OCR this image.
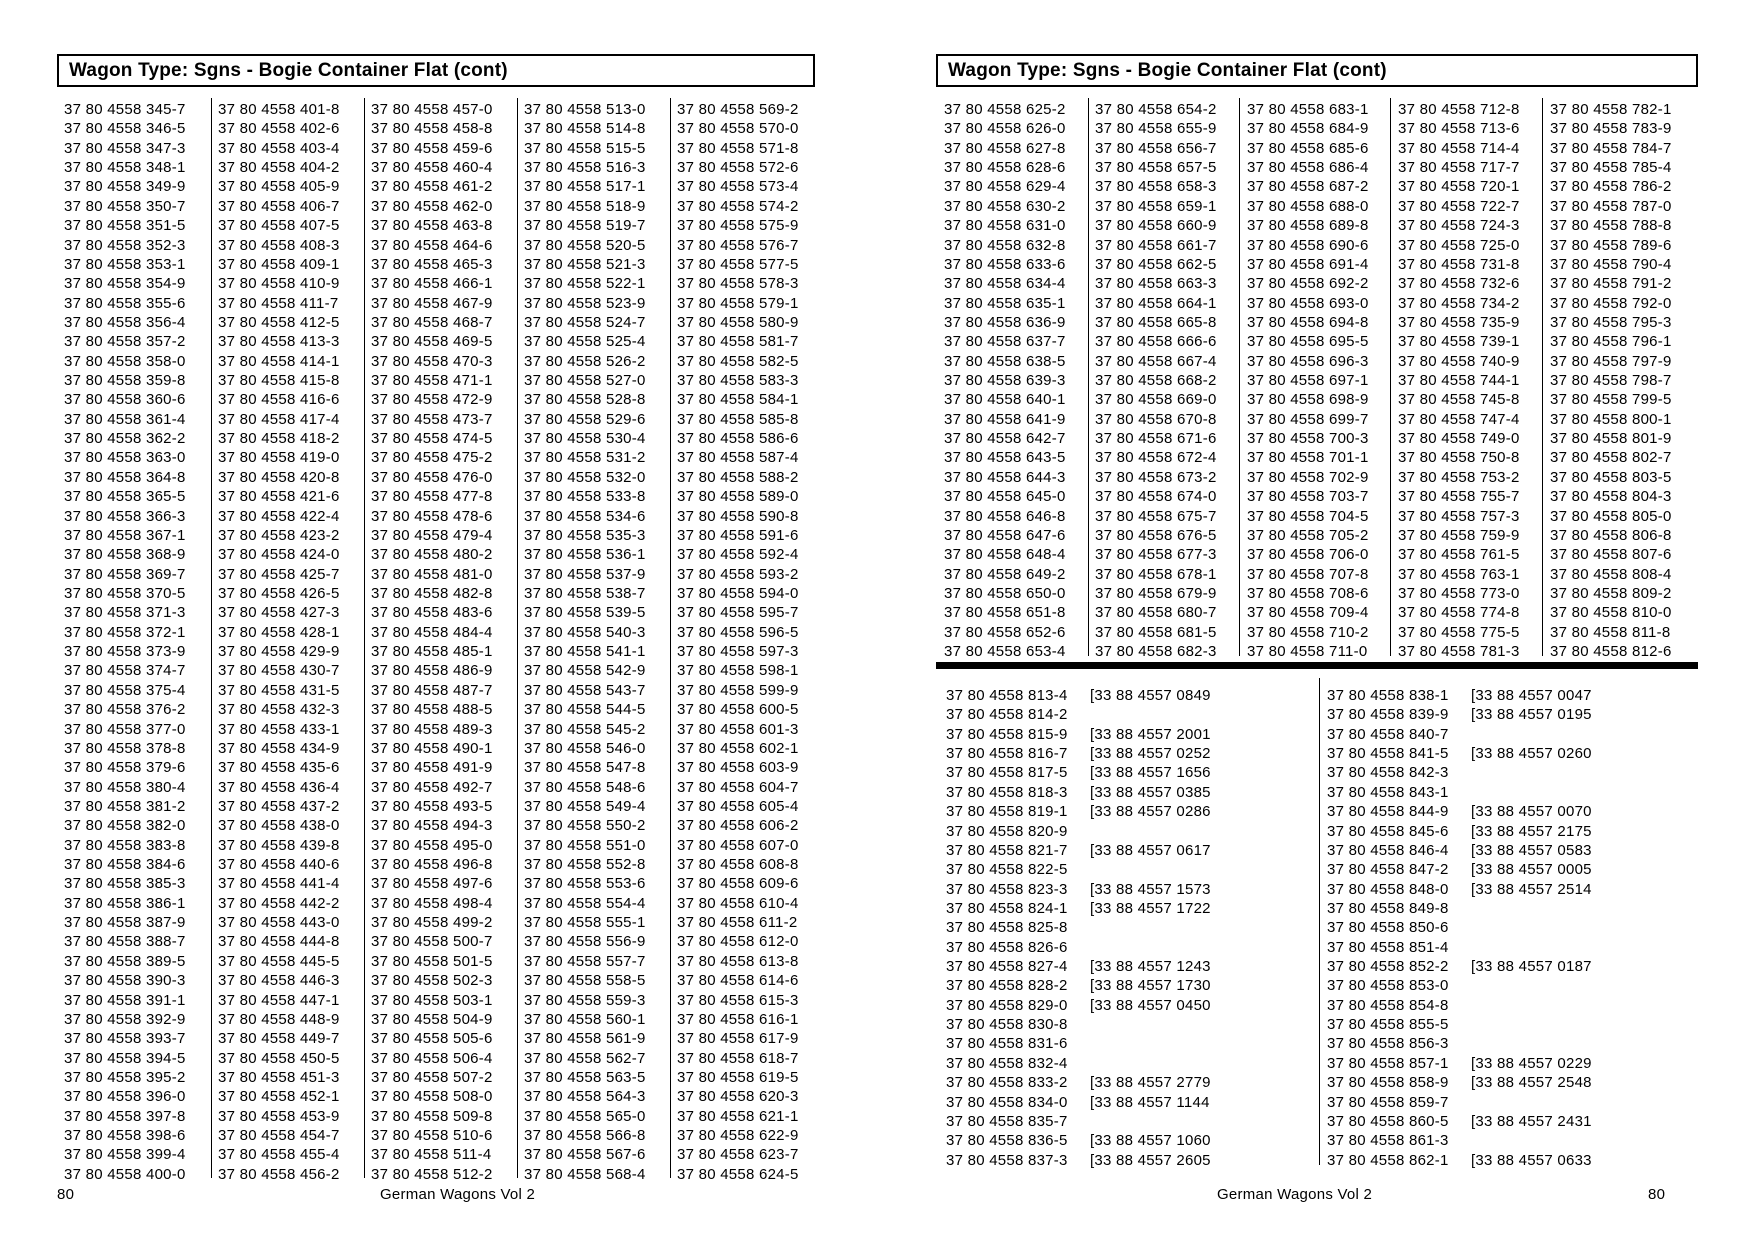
Wagon Type: Sgns - Bogie Container Flat (cont)
37 80 4558 345-7
37 80 4558 346-5
37 80 4558 347-3
37 80 4558 348-1
37 80 4558 349-9
37 80 4558 350-7
37 80 4558 351-5
37 80 4558 352-3
37 80 4558 353-1
37 80 4558 354-9
37 80 4558 355-6
37 80 4558 356-4
37 80 4558 357-2
37 80 4558 358-0
37 80 4558 359-8
37 80 4558 360-6
37 80 4558 361-4
37 80 4558 362-2
37 80 4558 363-0
37 80 4558 364-8
37 80 4558 365-5
37 80 4558 366-3
37 80 4558 367-1
37 80 4558 368-9
37 80 4558 369-7
37 80 4558 370-5
37 80 4558 371-3
37 80 4558 372-1
37 80 4558 373-9
37 80 4558 374-7
37 80 4558 375-4
37 80 4558 376-2
37 80 4558 377-0
37 80 4558 378-8
37 80 4558 379-6
37 80 4558 380-4
37 80 4558 381-2
37 80 4558 382-0
37 80 4558 383-8
37 80 4558 384-6
37 80 4558 385-3
37 80 4558 386-1
37 80 4558 387-9
37 80 4558 388-7
37 80 4558 389-5
37 80 4558 390-3
37 80 4558 391-1
37 80 4558 392-9
37 80 4558 393-7
37 80 4558 394-5
37 80 4558 395-2
37 80 4558 396-0
37 80 4558 397-8
37 80 4558 398-6
37 80 4558 399-4
37 80 4558 400-0
37 80 4558 401-8
37 80 4558 402-6
37 80 4558 403-4
37 80 4558 404-2
37 80 4558 405-9
37 80 4558 406-7
37 80 4558 407-5
37 80 4558 408-3
37 80 4558 409-1
37 80 4558 410-9
37 80 4558 411-7
37 80 4558 412-5
37 80 4558 413-3
37 80 4558 414-1
37 80 4558 415-8
37 80 4558 416-6
37 80 4558 417-4
37 80 4558 418-2
37 80 4558 419-0
37 80 4558 420-8
37 80 4558 421-6
37 80 4558 422-4
37 80 4558 423-2
37 80 4558 424-0
37 80 4558 425-7
37 80 4558 426-5
37 80 4558 427-3
37 80 4558 428-1
37 80 4558 429-9
37 80 4558 430-7
37 80 4558 431-5
37 80 4558 432-3
37 80 4558 433-1
37 80 4558 434-9
37 80 4558 435-6
37 80 4558 436-4
37 80 4558 437-2
37 80 4558 438-0
37 80 4558 439-8
37 80 4558 440-6
37 80 4558 441-4
37 80 4558 442-2
37 80 4558 443-0
37 80 4558 444-8
37 80 4558 445-5
37 80 4558 446-3
37 80 4558 447-1
37 80 4558 448-9
37 80 4558 449-7
37 80 4558 450-5
37 80 4558 451-3
37 80 4558 452-1
37 80 4558 453-9
37 80 4558 454-7
37 80 4558 455-4
37 80 4558 456-2
37 80 4558 457-0
37 80 4558 458-8
37 80 4558 459-6
37 80 4558 460-4
37 80 4558 461-2
37 80 4558 462-0
37 80 4558 463-8
37 80 4558 464-6
37 80 4558 465-3
37 80 4558 466-1
37 80 4558 467-9
37 80 4558 468-7
37 80 4558 469-5
37 80 4558 470-3
37 80 4558 471-1
37 80 4558 472-9
37 80 4558 473-7
37 80 4558 474-5
37 80 4558 475-2
37 80 4558 476-0
37 80 4558 477-8
37 80 4558 478-6
37 80 4558 479-4
37 80 4558 480-2
37 80 4558 481-0
37 80 4558 482-8
37 80 4558 483-6
37 80 4558 484-4
37 80 4558 485-1
37 80 4558 486-9
37 80 4558 487-7
37 80 4558 488-5
37 80 4558 489-3
37 80 4558 490-1
37 80 4558 491-9
37 80 4558 492-7
37 80 4558 493-5
37 80 4558 494-3
37 80 4558 495-0
37 80 4558 496-8
37 80 4558 497-6
37 80 4558 498-4
37 80 4558 499-2
37 80 4558 500-7
37 80 4558 501-5
37 80 4558 502-3
37 80 4558 503-1
37 80 4558 504-9
37 80 4558 505-6
37 80 4558 506-4
37 80 4558 507-2
37 80 4558 508-0
37 80 4558 509-8
37 80 4558 510-6
37 80 4558 511-4
37 80 4558 512-2
37 80 4558 513-0
37 80 4558 514-8
37 80 4558 515-5
37 80 4558 516-3
37 80 4558 517-1
37 80 4558 518-9
37 80 4558 519-7
37 80 4558 520-5
37 80 4558 521-3
37 80 4558 522-1
37 80 4558 523-9
37 80 4558 524-7
37 80 4558 525-4
37 80 4558 526-2
37 80 4558 527-0
37 80 4558 528-8
37 80 4558 529-6
37 80 4558 530-4
37 80 4558 531-2
37 80 4558 532-0
37 80 4558 533-8
37 80 4558 534-6
37 80 4558 535-3
37 80 4558 536-1
37 80 4558 537-9
37 80 4558 538-7
37 80 4558 539-5
37 80 4558 540-3
37 80 4558 541-1
37 80 4558 542-9
37 80 4558 543-7
37 80 4558 544-5
37 80 4558 545-2
37 80 4558 546-0
37 80 4558 547-8
37 80 4558 548-6
37 80 4558 549-4
37 80 4558 550-2
37 80 4558 551-0
37 80 4558 552-8
37 80 4558 553-6
37 80 4558 554-4
37 80 4558 555-1
37 80 4558 556-9
37 80 4558 557-7
37 80 4558 558-5
37 80 4558 559-3
37 80 4558 560-1
37 80 4558 561-9
37 80 4558 562-7
37 80 4558 563-5
37 80 4558 564-3
37 80 4558 565-0
37 80 4558 566-8
37 80 4558 567-6
37 80 4558 568-4
37 80 4558 569-2
37 80 4558 570-0
37 80 4558 571-8
37 80 4558 572-6
37 80 4558 573-4
37 80 4558 574-2
37 80 4558 575-9
37 80 4558 576-7
37 80 4558 577-5
37 80 4558 578-3
37 80 4558 579-1
37 80 4558 580-9
37 80 4558 581-7
37 80 4558 582-5
37 80 4558 583-3
37 80 4558 584-1
37 80 4558 585-8
37 80 4558 586-6
37 80 4558 587-4
37 80 4558 588-2
37 80 4558 589-0
37 80 4558 590-8
37 80 4558 591-6
37 80 4558 592-4
37 80 4558 593-2
37 80 4558 594-0
37 80 4558 595-7
37 80 4558 596-5
37 80 4558 597-3
37 80 4558 598-1
37 80 4558 599-9
37 80 4558 600-5
37 80 4558 601-3
37 80 4558 602-1
37 80 4558 603-9
37 80 4558 604-7
37 80 4558 605-4
37 80 4558 606-2
37 80 4558 607-0
37 80 4558 608-8
37 80 4558 609-6
37 80 4558 610-4
37 80 4558 611-2
37 80 4558 612-0
37 80 4558 613-8
37 80 4558 614-6
37 80 4558 615-3
37 80 4558 616-1
37 80 4558 617-9
37 80 4558 618-7
37 80 4558 619-5
37 80 4558 620-3
37 80 4558 621-1
37 80 4558 622-9
37 80 4558 623-7
37 80 4558 624-5
80	German Wagons Vol 2
Wagon Type: Sgns - Bogie Container Flat (cont)
37 80 4558 625-2
37 80 4558 626-0
37 80 4558 627-8
37 80 4558 628-6
37 80 4558 629-4
37 80 4558 630-2
37 80 4558 631-0
37 80 4558 632-8
37 80 4558 633-6
37 80 4558 634-4
37 80 4558 635-1
37 80 4558 636-9
37 80 4558 637-7
37 80 4558 638-5
37 80 4558 639-3
37 80 4558 640-1
37 80 4558 641-9
37 80 4558 642-7
37 80 4558 643-5
37 80 4558 644-3
37 80 4558 645-0
37 80 4558 646-8
37 80 4558 647-6
37 80 4558 648-4
37 80 4558 649-2
37 80 4558 650-0
37 80 4558 651-8
37 80 4558 652-6
37 80 4558 653-4
37 80 4558 654-2
37 80 4558 655-9
37 80 4558 656-7
37 80 4558 657-5
37 80 4558 658-3
37 80 4558 659-1
37 80 4558 660-9
37 80 4558 661-7
37 80 4558 662-5
37 80 4558 663-3
37 80 4558 664-1
37 80 4558 665-8
37 80 4558 666-6
37 80 4558 667-4
37 80 4558 668-2
37 80 4558 669-0
37 80 4558 670-8
37 80 4558 671-6
37 80 4558 672-4
37 80 4558 673-2
37 80 4558 674-0
37 80 4558 675-7
37 80 4558 676-5
37 80 4558 677-3
37 80 4558 678-1
37 80 4558 679-9
37 80 4558 680-7
37 80 4558 681-5
37 80 4558 682-3
37 80 4558 683-1
37 80 4558 684-9
37 80 4558 685-6
37 80 4558 686-4
37 80 4558 687-2
37 80 4558 688-0
37 80 4558 689-8
37 80 4558 690-6
37 80 4558 691-4
37 80 4558 692-2
37 80 4558 693-0
37 80 4558 694-8
37 80 4558 695-5
37 80 4558 696-3
37 80 4558 697-1
37 80 4558 698-9
37 80 4558 699-7
37 80 4558 700-3
37 80 4558 701-1
37 80 4558 702-9
37 80 4558 703-7
37 80 4558 704-5
37 80 4558 705-2
37 80 4558 706-0
37 80 4558 707-8
37 80 4558 708-6
37 80 4558 709-4
37 80 4558 710-2
37 80 4558 711-0
37 80 4558 712-8
37 80 4558 713-6
37 80 4558 714-4
37 80 4558 717-7
37 80 4558 720-1
37 80 4558 722-7
37 80 4558 724-3
37 80 4558 725-0
37 80 4558 731-8
37 80 4558 732-6
37 80 4558 734-2
37 80 4558 735-9
37 80 4558 739-1
37 80 4558 740-9
37 80 4558 744-1
37 80 4558 745-8
37 80 4558 747-4
37 80 4558 749-0
37 80 4558 750-8
37 80 4558 753-2
37 80 4558 755-7
37 80 4558 757-3
37 80 4558 759-9
37 80 4558 761-5
37 80 4558 763-1
37 80 4558 773-0
37 80 4558 774-8
37 80 4558 775-5
37 80 4558 781-3
37 80 4558 782-1
37 80 4558 783-9
37 80 4558 784-7
37 80 4558 785-4
37 80 4558 786-2
37 80 4558 787-0
37 80 4558 788-8
37 80 4558 789-6
37 80 4558 790-4
37 80 4558 791-2
37 80 4558 792-0
37 80 4558 795-3
37 80 4558 796-1
37 80 4558 797-9
37 80 4558 798-7
37 80 4558 799-5
37 80 4558 800-1
37 80 4558 801-9
37 80 4558 802-7
37 80 4558 803-5
37 80 4558 804-3
37 80 4558 805-0
37 80 4558 806-8
37 80 4558 807-6
37 80 4558 808-4
37 80 4558 809-2
37 80 4558 810-0
37 80 4558 811-8
37 80 4558 812-6
37 80 4558 813-4 [33 88 4557 0849
37 80 4558 814-2
37 80 4558 815-9 [33 88 4557 2001
37 80 4558 816-7 [33 88 4557 0252
37 80 4558 817-5 [33 88 4557 1656
37 80 4558 818-3 [33 88 4557 0385
37 80 4558 819-1 [33 88 4557 0286
37 80 4558 820-9
37 80 4558 821-7 [33 88 4557 0617
37 80 4558 822-5
37 80 4558 823-3 [33 88 4557 1573
37 80 4558 824-1 [33 88 4557 1722
37 80 4558 825-8
37 80 4558 826-6
37 80 4558 827-4 [33 88 4557 1243
37 80 4558 828-2 [33 88 4557 1730
37 80 4558 829-0 [33 88 4557 0450
37 80 4558 830-8
37 80 4558 831-6
37 80 4558 832-4
37 80 4558 833-2 [33 88 4557 2779
37 80 4558 834-0 [33 88 4557 1144
37 80 4558 835-7
37 80 4558 836-5 [33 88 4557 1060
37 80 4558 837-3 [33 88 4557 2605
37 80 4558 838-1 [33 88 4557 0047
37 80 4558 839-9 [33 88 4557 0195
37 80 4558 840-7
37 80 4558 841-5 [33 88 4557 0260
37 80 4558 842-3
37 80 4558 843-1
37 80 4558 844-9 [33 88 4557 0070
37 80 4558 845-6 [33 88 4557 2175
37 80 4558 846-4 [33 88 4557 0583
37 80 4558 847-2 [33 88 4557 0005
37 80 4558 848-0 [33 88 4557 2514
37 80 4558 849-8
37 80 4558 850-6
37 80 4558 851-4
37 80 4558 852-2 [33 88 4557 0187
37 80 4558 853-0
37 80 4558 854-8
37 80 4558 855-5
37 80 4558 856-3
37 80 4558 857-1 [33 88 4557 0229
37 80 4558 858-9 [33 88 4557 2548
37 80 4558 859-7
37 80 4558 860-5 [33 88 4557 2431
37 80 4558 861-3
37 80 4558 862-1 [33 88 4557 0633
German Wagons Vol 2	80
